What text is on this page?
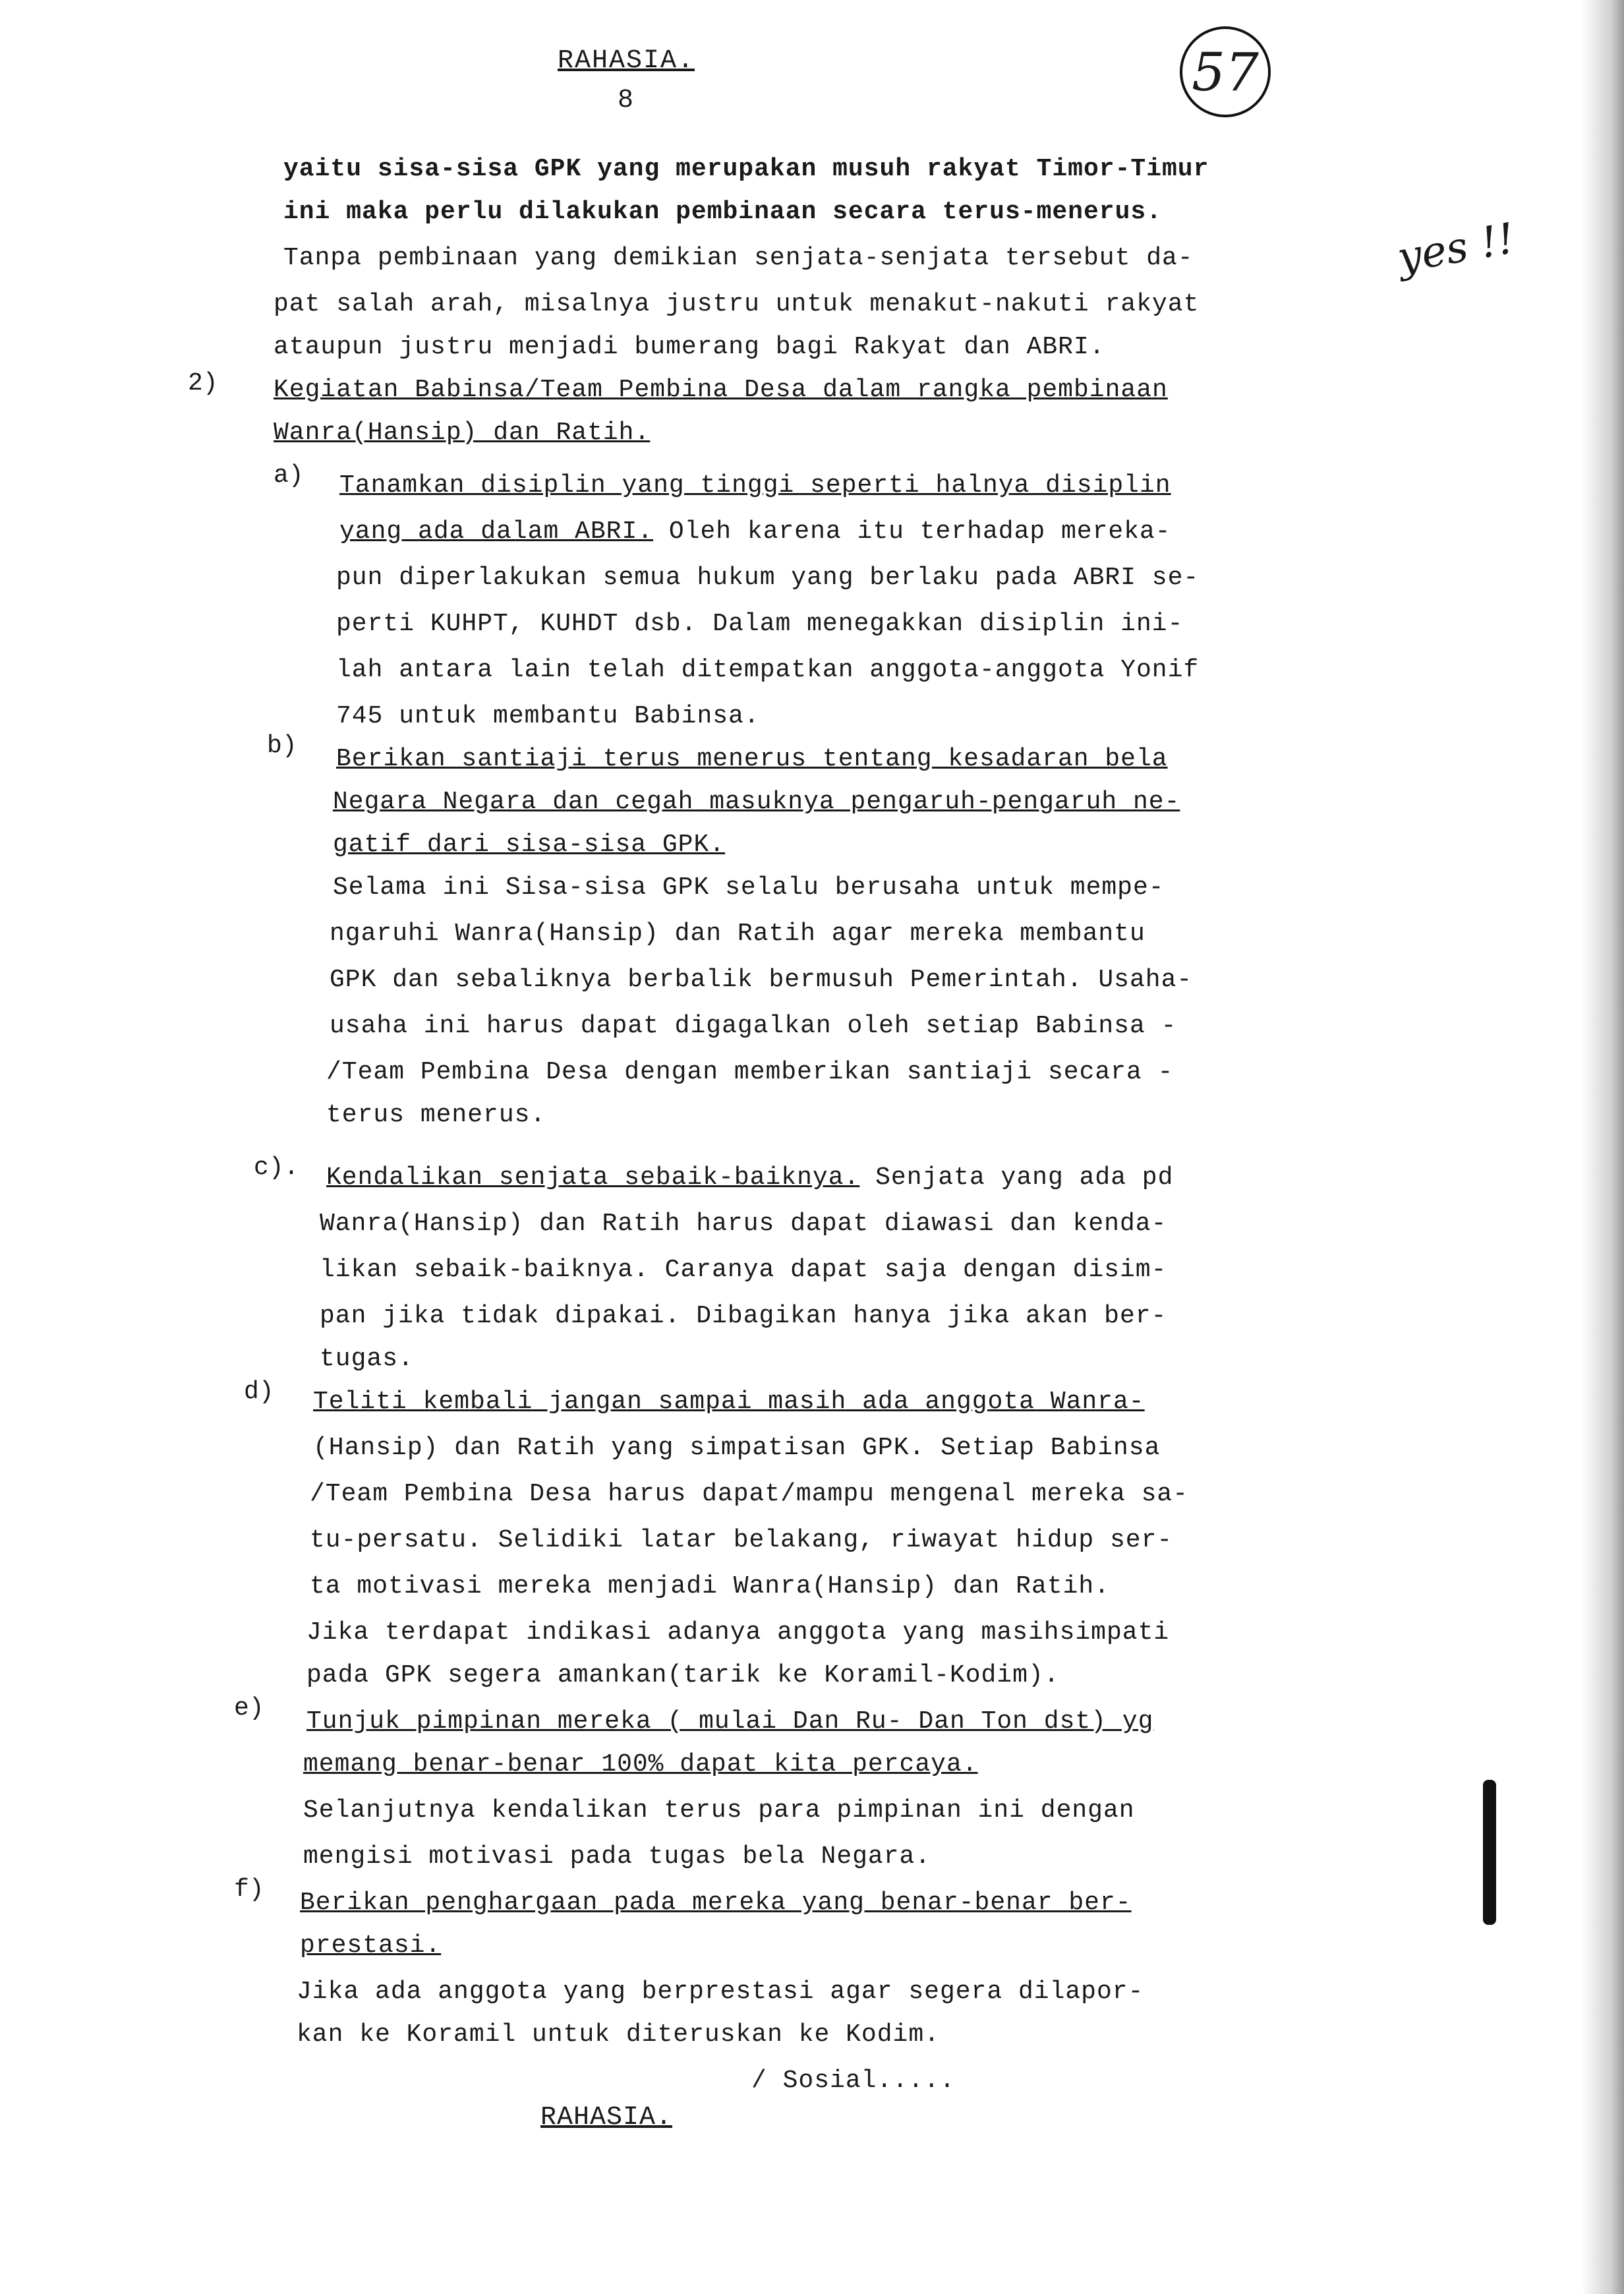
RAHASIA.
8	57
yes !!
yaitu sisa-sisa GPK yang merupakan musuh rakyat Timor-Timur
ini maka perlu dilakukan pembinaan secara terus-menerus.
Tanpa pembinaan yang demikian senjata-senjata tersebut da-
pat salah arah, misalnya justru untuk menakut-nakuti rakyat
ataupun justru menjadi bumerang bagi Rakyat dan ABRI.
2) Kegiatan Babinsa/Team Pembina Desa dalam rangka pembinaan
Wanra(Hansip) dan Ratih.
a) Tanamkan disiplin yang tinggi seperti halnya disiplin
yang ada dalam ABRI. Oleh karena itu terhadap mereka-
pun diperlakukan semua hukum yang berlaku pada ABRI se-
perti KUHPT, KUHDT dsb. Dalam menegakkan disiplin ini-
lah antara lain telah ditempatkan anggota-anggota Yonif
745 untuk membantu Babinsa.
b) Berikan santiaji terus menerus tentang kesadaran bela
Negara Negara dan cegah masuknya pengaruh-pengaruh ne-
gatif dari sisa-sisa GPK.
Selama ini Sisa-sisa GPK selalu berusaha untuk mempe-
ngaruhi Wanra(Hansip) dan Ratih agar mereka membantu
GPK dan sebaliknya berbalik bermusuh Pemerintah. Usaha-
usaha ini harus dapat digagalkan oleh setiap Babinsa -
/Team Pembina Desa dengan memberikan santiaji secara -
terus menerus.
c). Kendalikan senjata sebaik-baiknya. Senjata yang ada pd
Wanra(Hansip) dan Ratih harus dapat diawasi dan kenda-
likan sebaik-baiknya. Caranya dapat saja dengan disim-
pan jika tidak dipakai. Dibagikan hanya jika akan ber-
tugas.
d) Teliti kembali jangan sampai masih ada anggota Wanra-
(Hansip) dan Ratih yang simpatisan GPK. Setiap Babinsa
/Team Pembina Desa harus dapat/mampu mengenal mereka sa-
tu-persatu. Selidiki latar belakang, riwayat hidup ser-
ta motivasi mereka menjadi Wanra(Hansip) dan Ratih.
Jika terdapat indikasi adanya anggota yang masihsimpati
pada GPK segera amankan(tarik ke Koramil-Kodim).
e) Tunjuk pimpinan mereka ( mulai Dan Ru- Dan Ton dst) yg
memang benar-benar 100% dapat kita percaya.
Selanjutnya kendalikan terus para pimpinan ini dengan
mengisi motivasi pada tugas bela Negara.
f) Berikan penghargaan pada mereka yang benar-benar ber-
prestasi.
Jika ada anggota yang berprestasi agar segera dilapor-
kan ke Koramil untuk diteruskan ke Kodim.
/ Sosial.....
RAHASIA.
